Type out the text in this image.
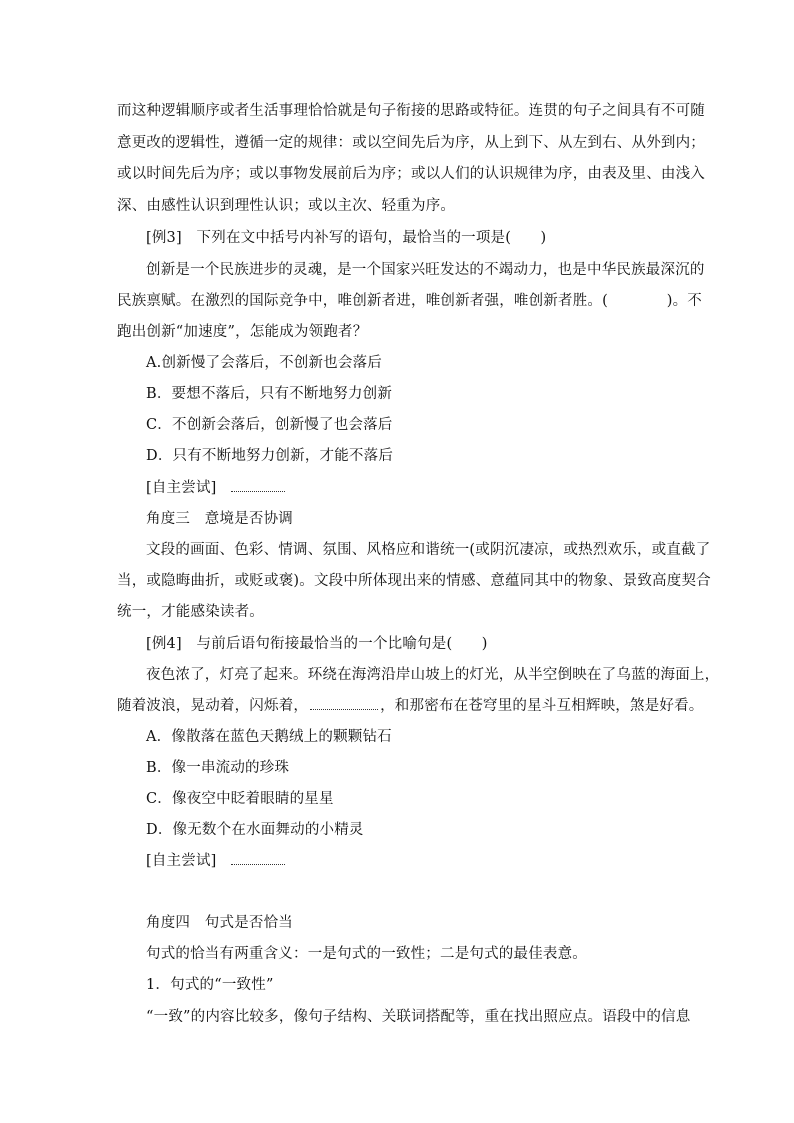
而这种逻辑顺序或者生活事理恰恰就是句子衔接的思路或特征。连贯的句子之间具有不可随
意更改的逻辑性，遵循一定的规律：或以空间先后为序，从上到下、从左到右、从外到内；
或以时间先后为序；或以事物发展前后为序；或以人们的认识规律为序，由表及里、由浅入
深、由感性认识到理性认识；或以主次、轻重为序。
[例3]　下列在文中括号内补写的语句，最恰当的一项是(　　)
创新是一个民族进步的灵魂，是一个国家兴旺发达的不竭动力，也是中华民族最深沉的
民族禀赋。在激烈的国际竞争中，唯创新者进，唯创新者强，唯创新者胜。(　　　　)。不
跑出创新“加速度”，怎能成为领跑者？
A.创新慢了会落后，不创新也会落后
B．要想不落后，只有不断地努力创新
C．不创新会落后，创新慢了也会落后
D．只有不断地努力创新，才能不落后
[自主尝试]
角度三　意境是否协调
文段的画面、色彩、情调、氛围、风格应和谐统一(或阴沉凄凉，或热烈欢乐，或直截了
当，或隐晦曲折，或贬或褒)。文段中所体现出来的情感、意蕴同其中的物象、景致高度契合
统一，才能感染读者。
[例4]　与前后语句衔接最恰当的一个比喻句是(　　)
夜色浓了，灯亮了起来。环绕在海湾沿岸山坡上的灯光，从半空倒映在了乌蓝的海面上，
随着波浪，晃动着，闪烁着，	，和那密布在苍穹里的星斗互相辉映，煞是好看。
A．像散落在蓝色天鹅绒上的颗颗钻石
B．像一串流动的珍珠
C．像夜空中眨着眼睛的星星
D．像无数个在水面舞动的小精灵
[自主尝试]
角度四　句式是否恰当
句式的恰当有两重含义：一是句式的一致性；二是句式的最佳表意。
1．句式的“一致性”
“一致”的内容比较多，像句子结构、关联词搭配等，重在找出照应点。语段中的信息
